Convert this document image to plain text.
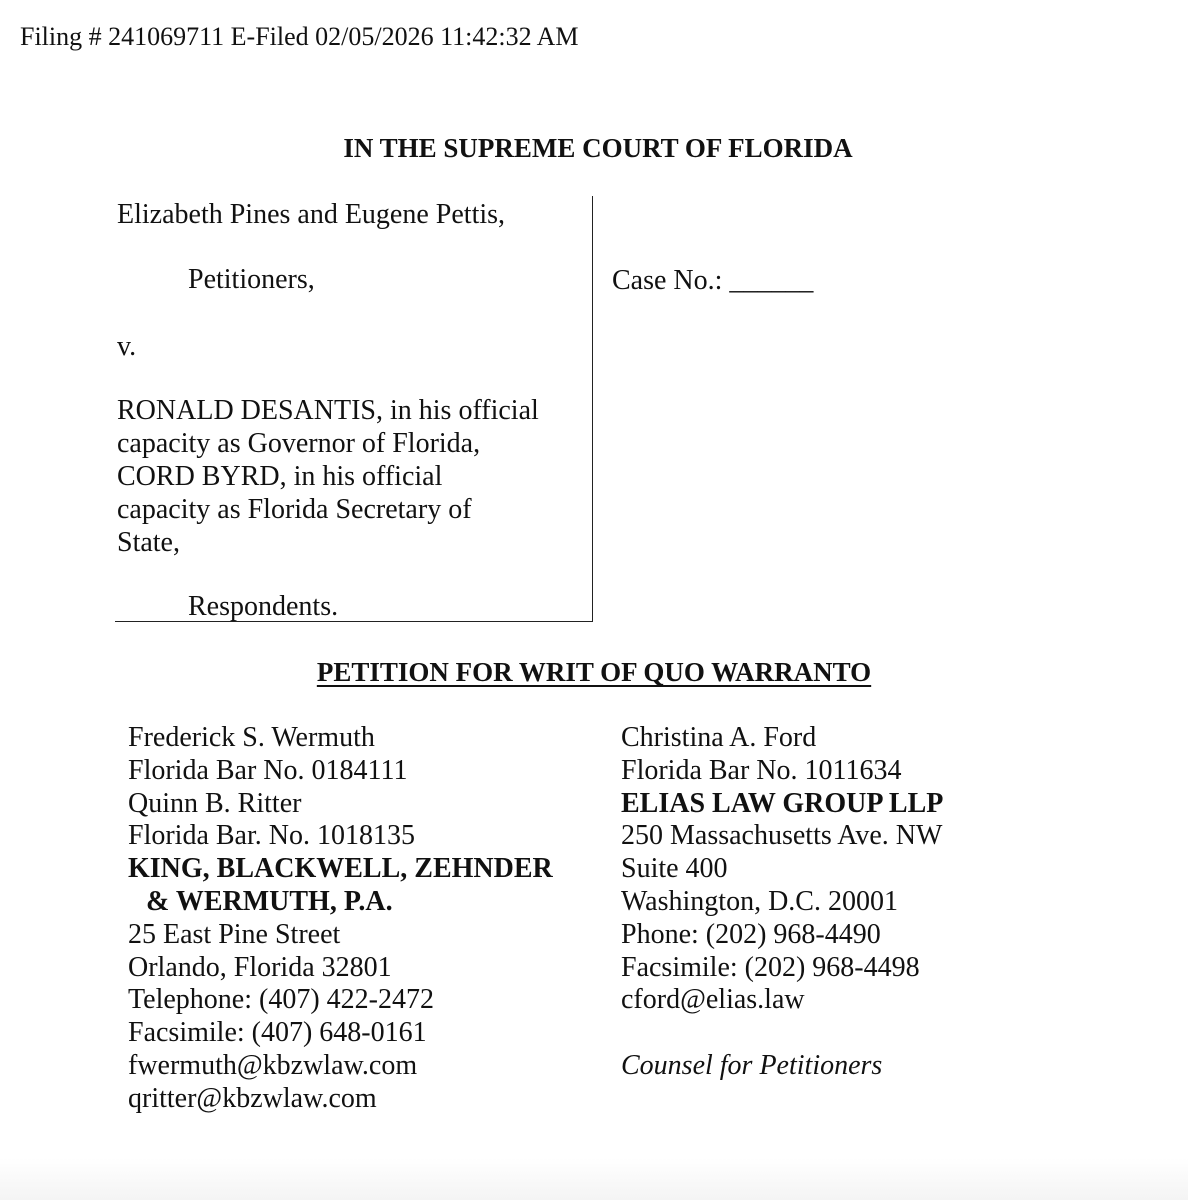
Filing # 241069711 E-Filed 02/05/2026 11:42:32 AM
IN THE SUPREME COURT OF FLORIDA
Elizabeth Pines and Eugene Pettis,
Petitioners,
v.
RONALD DESANTIS, in his official
capacity as Governor of Florida,
CORD BYRD, in his official
capacity as Florida Secretary of
State,
Respondents.
Case No.: ______
PETITION FOR WRIT OF QUO WARRANTO
Frederick S. Wermuth
Florida Bar No. 0184111
Quinn B. Ritter
Florida Bar. No. 1018135
KING, BLACKWELL, ZEHNDER
& WERMUTH, P.A.
25 East Pine Street
Orlando, Florida 32801
Telephone: (407) 422-2472
Facsimile: (407) 648-0161
fwermuth@kbzwlaw.com
qritter@kbzwlaw.com
Christina A. Ford
Florida Bar No. 1011634
ELIAS LAW GROUP LLP
250 Massachusetts Ave. NW
Suite 400
Washington, D.C. 20001
Phone: (202) 968-4490
Facsimile: (202) 968-4498
cford@elias.law
Counsel for Petitioners
